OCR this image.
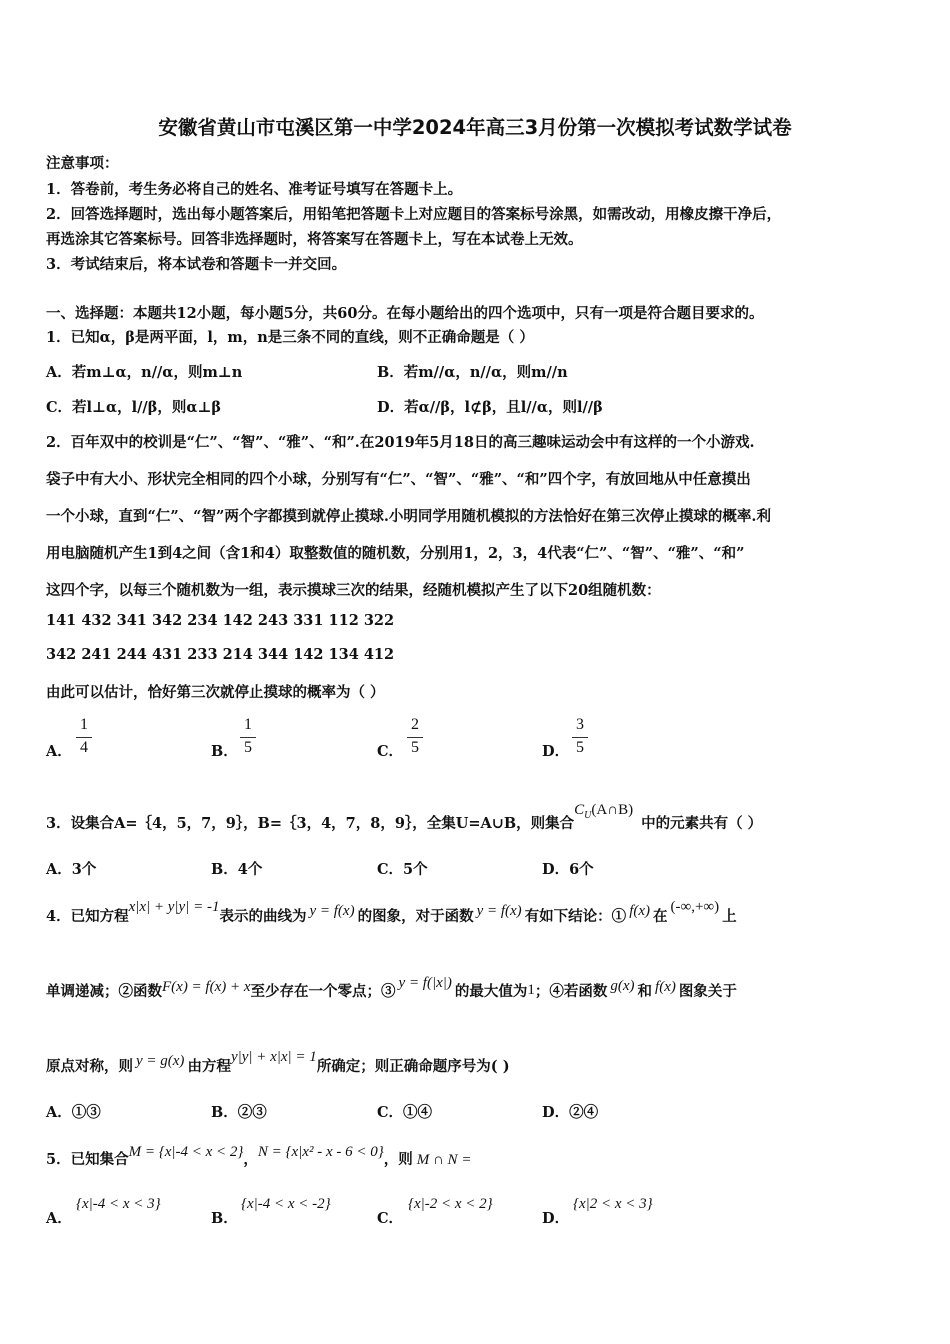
安徽省黄山市屯溪区第一中学2024年高三3月份第一次模拟考试数学试卷
注意事项：
1．答卷前，考生务必将自己的姓名、准考证号填写在答题卡上。
2．回答选择题时，选出每小题答案后，用铅笔把答题卡上对应题目的答案标号涂黑，如需改动，用橡皮擦干净后，
再选涂其它答案标号。回答非选择题时，将答案写在答题卡上，写在本试卷上无效。
3．考试结束后，将本试卷和答题卡一并交回。
一、选择题：本题共12小题，每小题5分，共60分。在每小题给出的四个选项中，只有一项是符合题目要求的。
1．已知α，β是两平面，l，m，n是三条不同的直线，则不正确命题是（ ）
A．若m⊥α，n//α，则m⊥n	B．若m//α，n//α，则m//n
C．若l⊥α，l//β，则α⊥β	D．若α//β，l⊄β，且l//α，则l//β
2．百年双中的校训是“仁”、“智”、“雅”、“和”.在2019年5月18日的高三趣味运动会中有这样的一个小游戏.
袋子中有大小、形状完全相同的四个小球，分别写有“仁”、“智”、“雅”、“和”四个字，有放回地从中任意摸出
一个小球，直到“仁”、“智”两个字都摸到就停止摸球.小明同学用随机模拟的方法恰好在第三次停止摸球的概率.利
用电脑随机产生1到4之间（含1和4）取整数值的随机数，分别用1，2，3，4代表“仁”、“智”、“雅”、“和”
这四个字，以每三个随机数为一组，表示摸球三次的结果，经随机模拟产生了以下20组随机数：
141 432 341 342 234 142 243 331 112 322
342 241 244 431 233 214 344 142 134 412
由此可以估计，恰好第三次就停止摸球的概率为（ ）
A．
1
4	B．
1
5	C．
2
5	D．
3
5
3．设集合A=｛4，5，7，9｝，B=｛3，4，7，8，9｝，全集U=A∪B，则集合$C_U(A\cap B)$中的元素共有（ ）
A．3个	B．4个	C．5个	D．6个
4．已知方程x|x| + y|y| = -1表示的曲线为 y = f(x) 的图象，对于函数 y = f(x) 有如下结论：① f(x) 在(-∞,+∞)上
单调递减；②函数F(x) = f(x) + x至少存在一个零点；③ y = f(|x|) 的最大值为1；④若函数 g(x) 和 f(x) 图象关于
原点对称，则 y = g(x) 由方程y|y| + x|x| = 1所确定；则正确命题序号为( )
A．①③	B．②③	C．①④	D．②④
5．已知集合M = {x|-4 < x < 2}，N = {x|x² - x - 6 < 0}，则 M ∩ N =
A．
{x|-4 < x < 3}
B．
{x|-4 < x < -2}
C．
{x|-2 < x < 2}
D．
{x|2 < x < 3}
